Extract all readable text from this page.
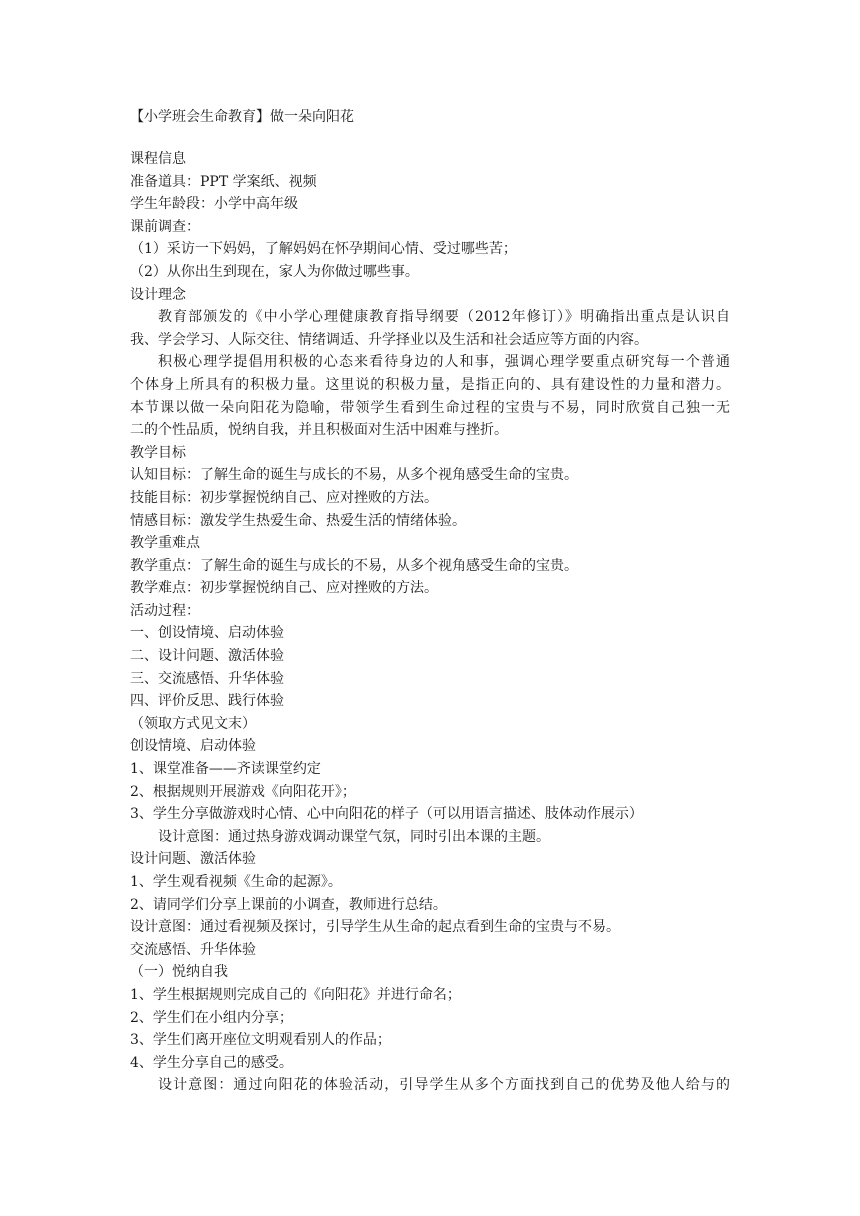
【小学班会生命教育】做一朵向阳花
课程信息
准备道具：PPT 学案纸、视频
学生年龄段：小学中高年级
课前调查：
（1）采访一下妈妈，了解妈妈在怀孕期间心情、受过哪些苦；
（2）从你出生到现在，家人为你做过哪些事。
设计理念
教育部颁发的《中小学心理健康教育指导纲要（2012年修订）》明确指出重点是认识自
我、学会学习、人际交往、情绪调适、升学择业以及生活和社会适应等方面的内容。
积极心理学提倡用积极的心态来看待身边的人和事，强调心理学要重点研究每一个普通
个体身上所具有的积极力量。这里说的积极力量，是指正向的、具有建设性的力量和潜力。
本节课以做一朵向阳花为隐喻，带领学生看到生命过程的宝贵与不易，同时欣赏自己独一无
二的个性品质，悦纳自我，并且积极面对生活中困难与挫折。
教学目标
认知目标：了解生命的诞生与成长的不易，从多个视角感受生命的宝贵。
技能目标：初步掌握悦纳自己、应对挫败的方法。
情感目标：激发学生热爱生命、热爱生活的情绪体验。
教学重难点
教学重点：了解生命的诞生与成长的不易，从多个视角感受生命的宝贵。
教学难点：初步掌握悦纳自己、应对挫败的方法。
活动过程：
一、创设情境、启动体验
二、设计问题、激活体验
三、交流感悟、升华体验
四、评价反思、践行体验
（领取方式见文末）
创设情境、启动体验
1、课堂准备——齐读课堂约定
2、根据规则开展游戏《向阳花开》；
3、学生分享做游戏时心情、心中向阳花的样子（可以用语言描述、肢体动作展示）
设计意图：通过热身游戏调动课堂气氛，同时引出本课的主题。
设计问题、激活体验
1、学生观看视频《生命的起源》。
2、请同学们分享上课前的小调查，教师进行总结。
设计意图：通过看视频及探讨，引导学生从生命的起点看到生命的宝贵与不易。
交流感悟、升华体验
（一）悦纳自我
1、学生根据规则完成自己的《向阳花》并进行命名；
2、学生们在小组内分享；
3、学生们离开座位文明观看别人的作品；
4、学生分享自己的感受。
设计意图：通过向阳花的体验活动，引导学生从多个方面找到自己的优势及他人给与的
